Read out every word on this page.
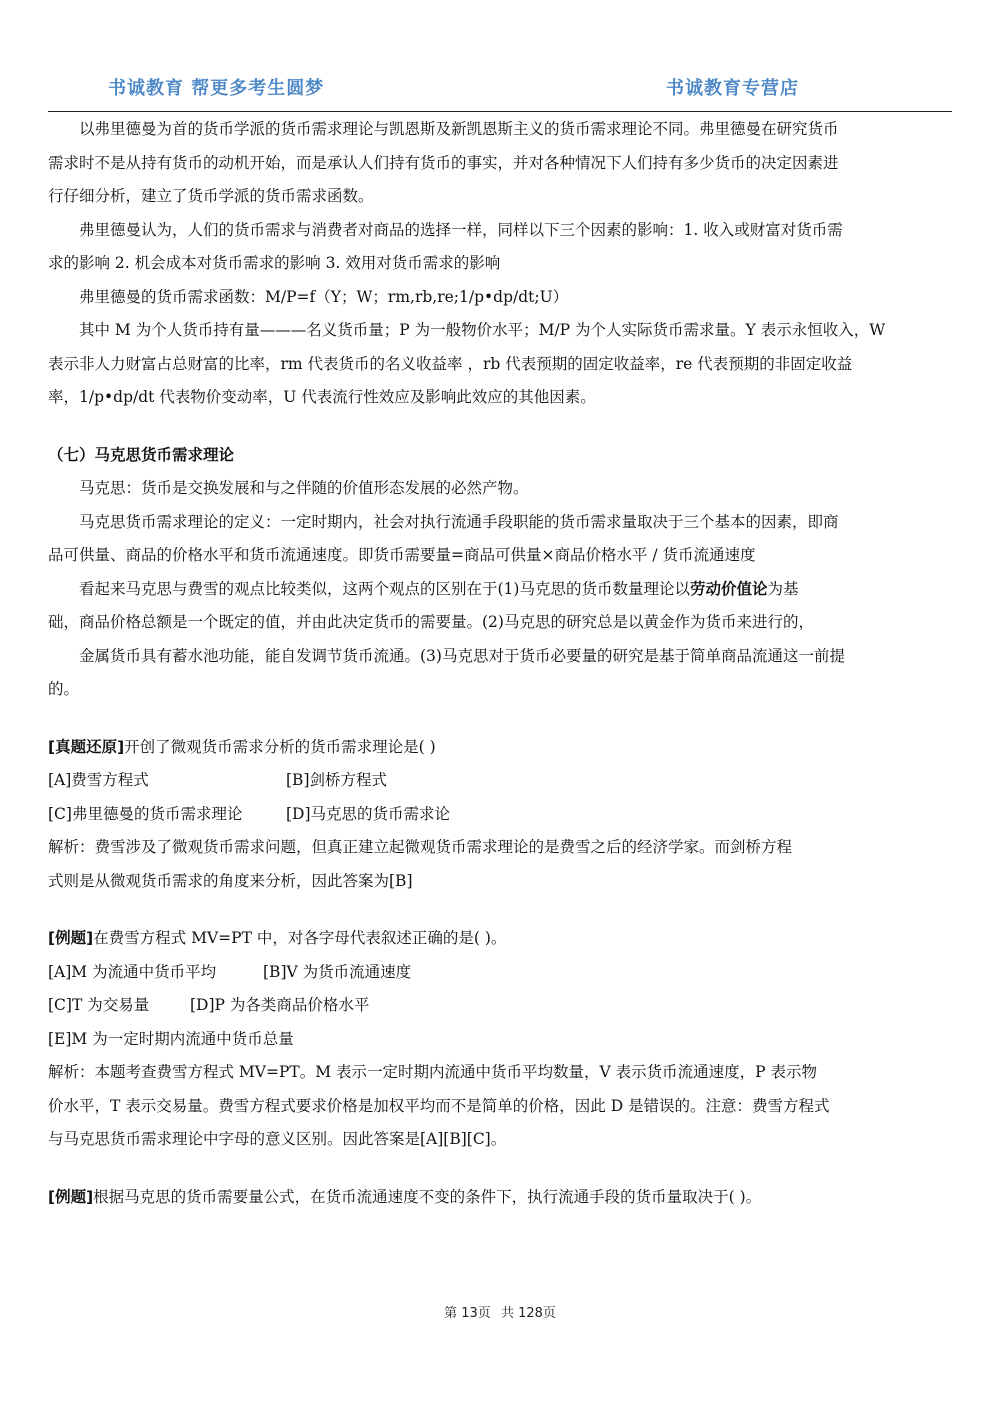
书诚教育 帮更多考生圆梦	书诚教育专营店
　　以弗里德曼为首的货币学派的货币需求理论与凯恩斯及新凯恩斯主义的货币需求理论不同。弗里德曼在研究货币
需求时不是从持有货币的动机开始，而是承认人们持有货币的事实，并对各种情况下人们持有多少货币的决定因素进
行仔细分析，建立了货币学派的货币需求函数。
　　弗里德曼认为，人们的货币需求与消费者对商品的选择一样，同样以下三个因素的影响：1. 收入或财富对货币需
求的影响 2. 机会成本对货币需求的影响 3. 效用对货币需求的影响
　　弗里德曼的货币需求函数：M/P=f（Y；W；rm,rb,re;1/p•dp/dt;U）
　　其中 M 为个人货币持有量———名义货币量；P 为一般物价水平；M/P 为个人实际货币需求量。Y 表示永恒收入，W
表示非人力财富占总财富的比率，rm 代表货币的名义收益率 ，rb 代表预期的固定收益率，re 代表预期的非固定收益
率，1/p•dp/dt 代表物价变动率，U 代表流行性效应及影响此效应的其他因素。
（七）马克思货币需求理论
　　马克思：货币是交换发展和与之伴随的价值形态发展的必然产物。
　　马克思货币需求理论的定义：一定时期内，社会对执行流通手段职能的货币需求量取决于三个基本的因素，即商
品可供量、商品的价格水平和货币流通速度。即货币需要量=商品可供量×商品价格水平 / 货币流通速度
　　看起来马克思与费雪的观点比较类似，这两个观点的区别在于(1)马克思的货币数量理论以劳动价值论为基
础，商品价格总额是一个既定的值，并由此决定货币的需要量。(2)马克思的研究总是以黄金作为货币来进行的，
　　金属货币具有蓄水池功能，能自发调节货币流通。(3)马克思对于货币必要量的研究是基于简单商品流通这一前提
的。
[真题还原]开创了微观货币需求分析的货币需求理论是( )
[A]费雪方程式	[B]剑桥方程式
[C]弗里德曼的货币需求理论	[D]马克思的货币需求论
解析：费雪涉及了微观货币需求问题，但真正建立起微观货币需求理论的是费雪之后的经济学家。而剑桥方程
式则是从微观货币需求的角度来分析，因此答案为[B]
[例题]在费雪方程式 MV=PT 中，对各字母代表叙述正确的是( )。
[A]M 为流通中货币平均	[B]V 为货币流通速度
[C]T 为交易量	[D]P 为各类商品价格水平
[E]M 为一定时期内流通中货币总量
解析：本题考查费雪方程式 MV=PT。M 表示一定时期内流通中货币平均数量，V 表示货币流通速度，P 表示物
价水平，T 表示交易量。费雪方程式要求价格是加权平均而不是简单的价格，因此 D 是错误的。注意：费雪方程式
与马克思货币需求理论中字母的意义区别。因此答案是[A][B][C]。
[例题]根据马克思的货币需要量公式，在货币流通速度不变的条件下，执行流通手段的货币量取决于( )。
第 13页 共 128页
